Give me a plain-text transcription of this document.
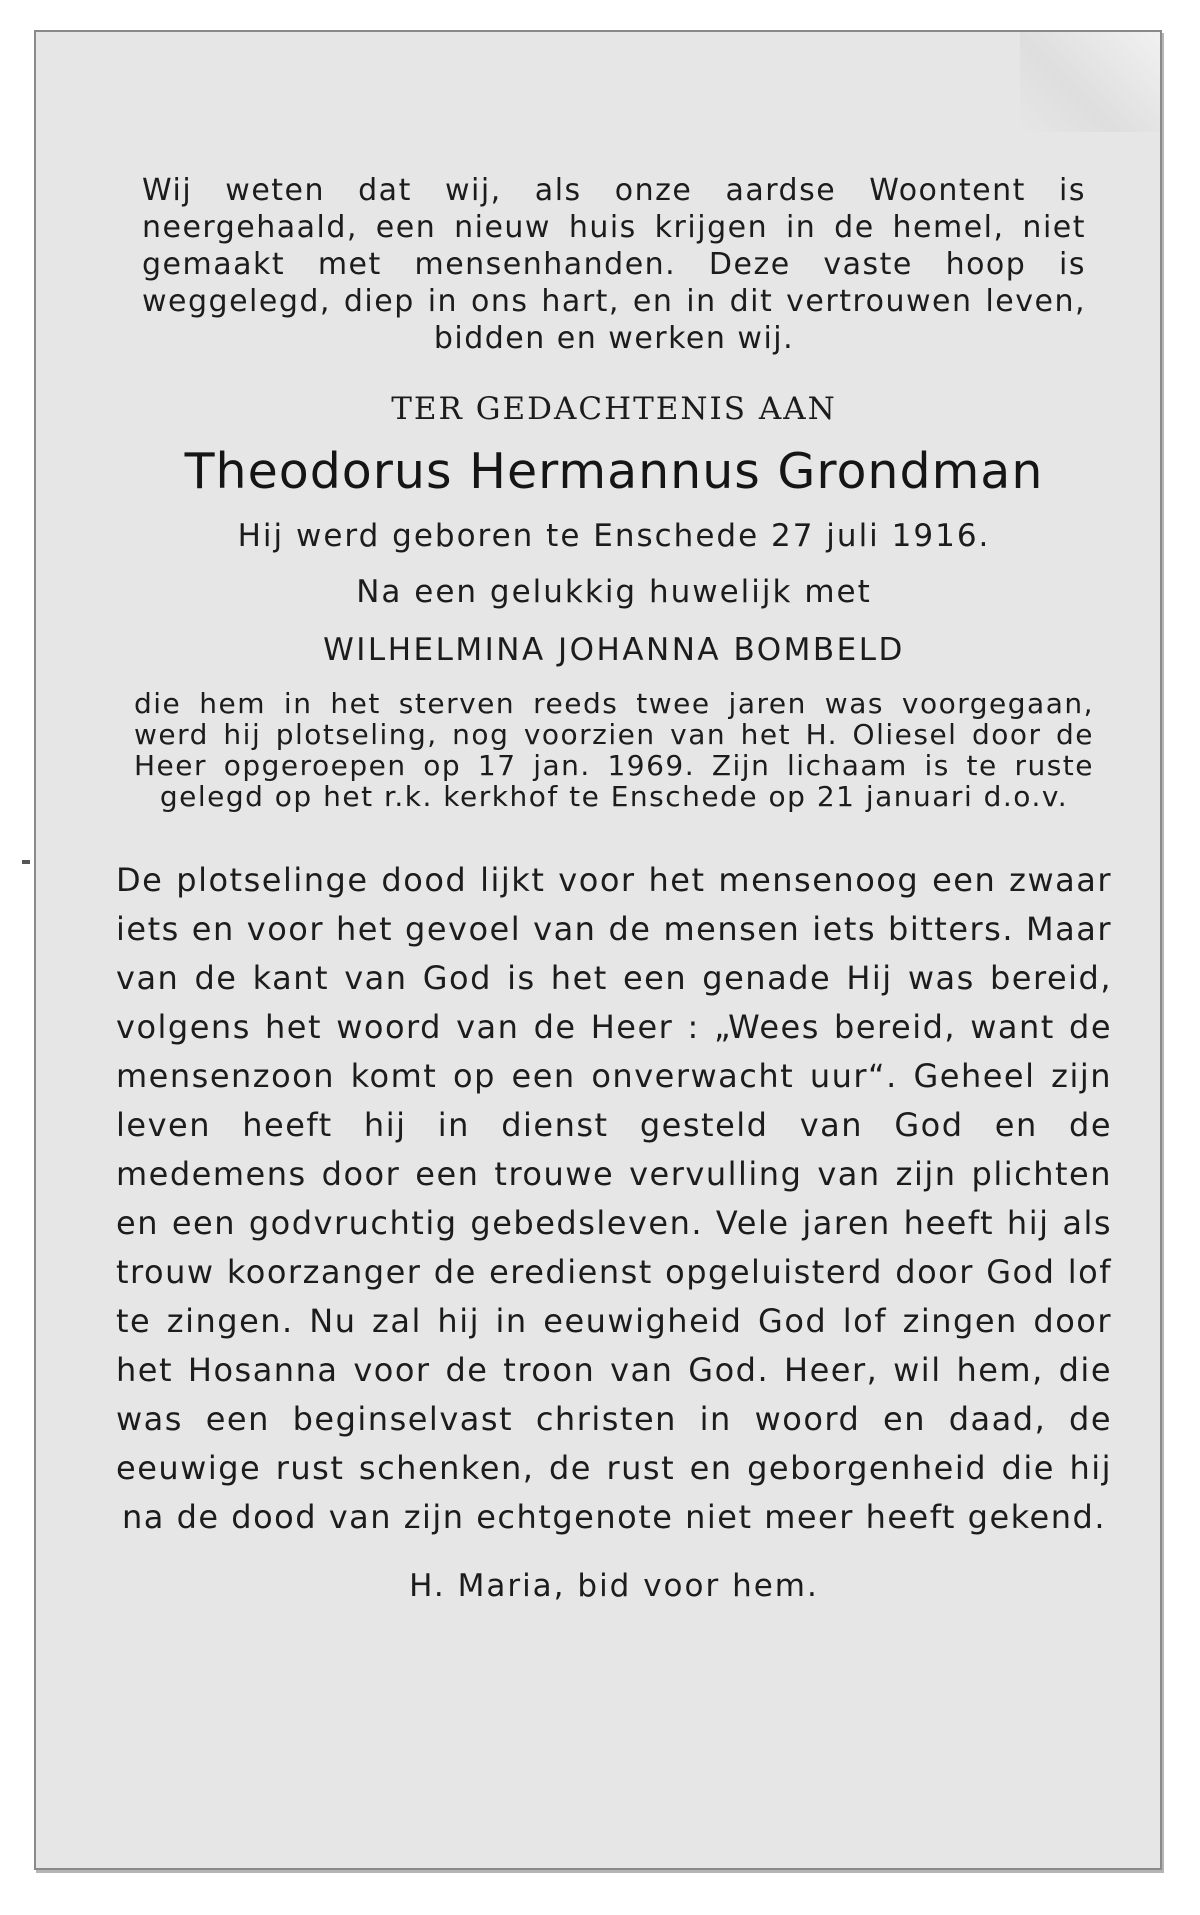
Wij weten dat wij, als onze aardse Woontent is neergehaald, een nieuw huis krijgen in de hemel, niet gemaakt met mensenhanden. Deze vaste hoop is weggelegd, diep in ons hart, en in dit vertrouwen leven, bidden en werken wij.

TER GEDACHTENIS AAN
Theodorus Hermannus Grondman
Hij werd geboren te Enschede 27 juli 1916.
Na een gelukkig huwelijk met
WILHELMINA JOHANNA BOMBELD

die hem in het sterven reeds twee jaren was voorgegaan, werd hij plotseling, nog voorzien van het H. Oliesel door de Heer opgeroepen op 17 jan. 1969. Zijn lichaam is te ruste gelegd op het r.k. kerkhof te Enschede op 21 januari d.o.v.

De plotselinge dood lijkt voor het mensenoog een zwaar iets en voor het gevoel van de mensen iets bitters. Maar van de kant van God is het een genade Hij was bereid, volgens het woord van de Heer : „Wees bereid, want de mensenzoon komt op een onverwacht uur“. Geheel zijn leven heeft hij in dienst gesteld van God en de medemens door een trouwe vervulling van zijn plichten en een godvruchtig gebedsleven. Vele jaren heeft hij als trouw koorzanger de eredienst opgeluisterd door God lof te zingen. Nu zal hij in eeuwigheid God lof zingen door het Hosanna voor de troon van God. Heer, wil hem, die was een beginselvast christen in woord en daad, de eeuwige rust schenken, de rust en geborgenheid die hij na de dood van zijn echtgenote niet meer heeft gekend.

H. Maria, bid voor hem.
